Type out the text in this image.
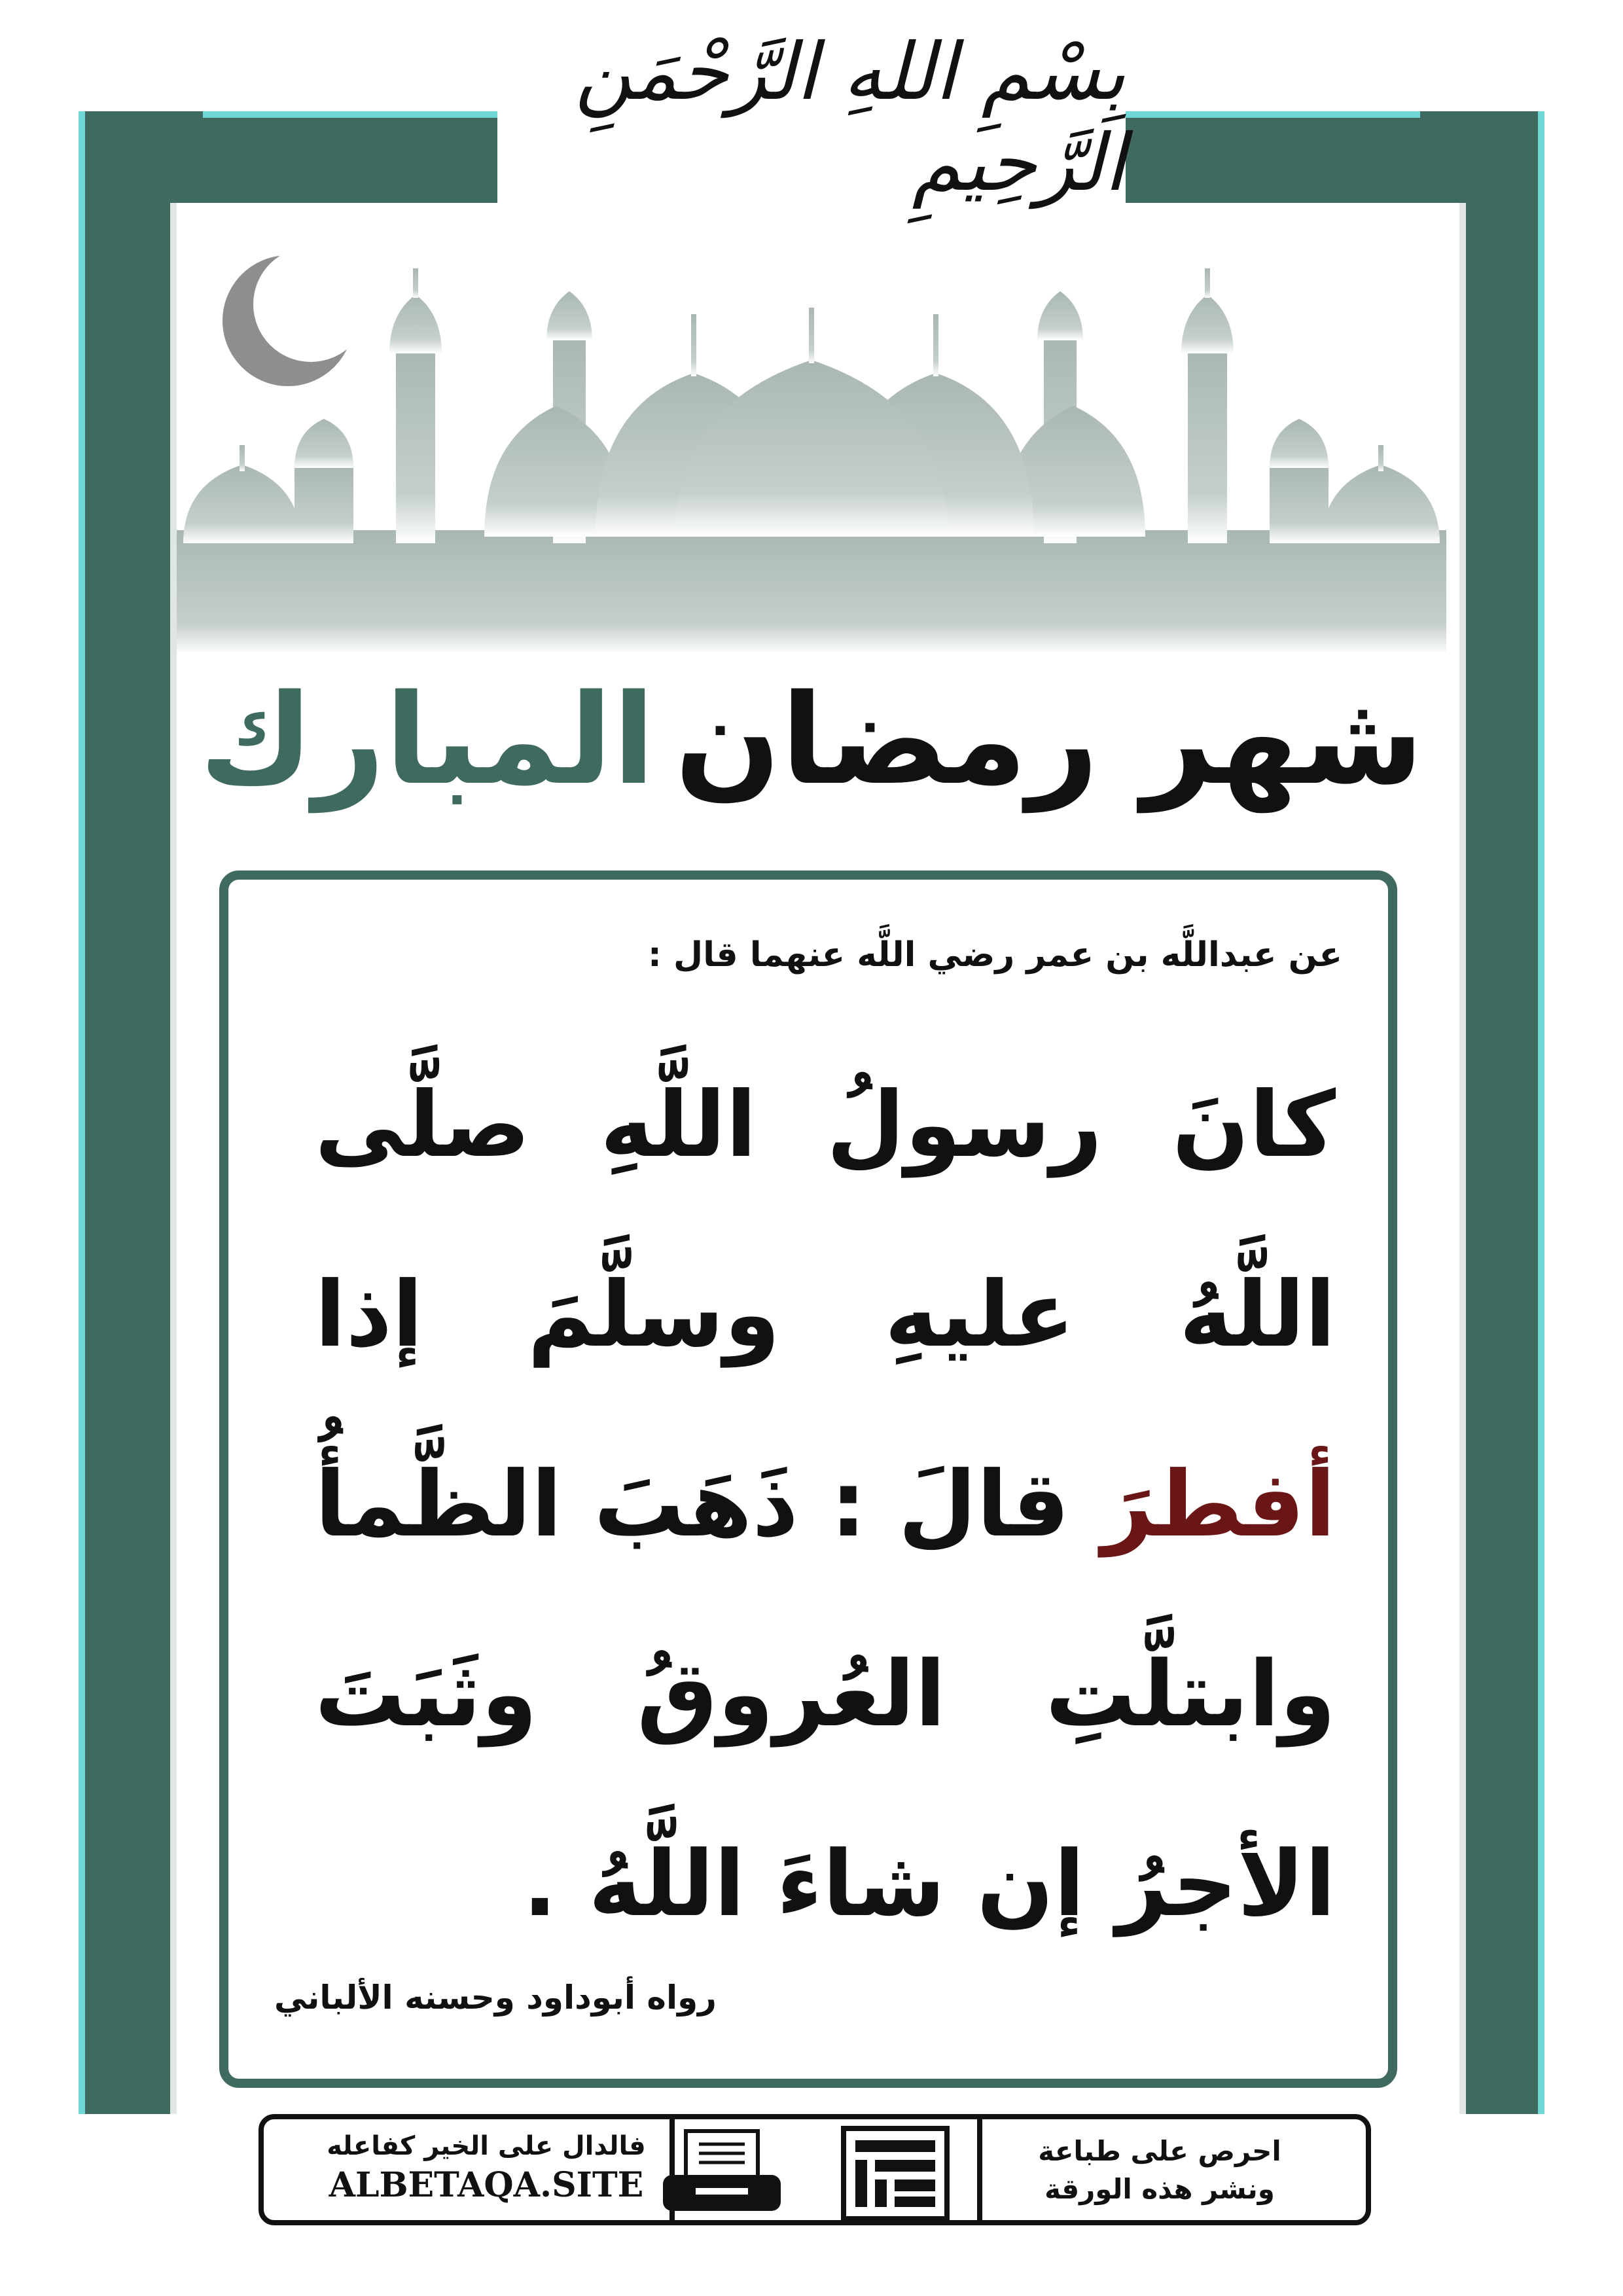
بِسْمِ اللهِ الرَّحْمَنِ الرَّحِيمِ
شهر رمضان
المبارك
عن عبداللَّه بن عمر رضي اللَّه عنهما قال :
كانَ رسولُ اللَّهِ صلَّى اللَّهُ عليهِ وسلَّمَ إذا أفطرَ قالَ : ذَهَبَ الظَّمأُ وابتلَّتِ العُروقُ وثَبَتَ الأجرُ إن شاءَ اللَّهُ .
رواه أبوداود وحسنه الألباني
فالدال على الخير كفاعله
ALBETAQA.SITE
دعوة الورقة
احرص على طباعة
ونشر هذه الورقة
